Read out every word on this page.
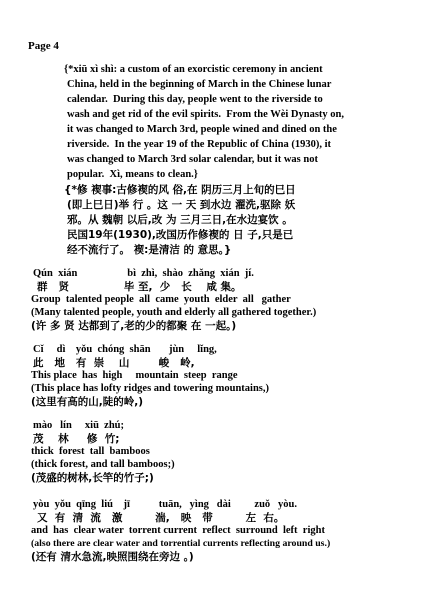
Page 4
{*xiū xì shì: a custom of an exorcistic ceremony in ancient
China, held in the beginning of March in the Chinese lunar
calendar.  During this day, people went to the riverside to
wash and get rid of the evil spirits.  From the Wèi Dynasty on,
it was changed to March 3rd, people wined and dined on the
riverside.  In the year 19 of the Republic of China (1930), it
was changed to March 3rd solar calendar, but it was not
popular.  Xì, means to clean.}
{*修 褉事:古修褉的风 俗,在 阴历三月上旬的巳日
(即上巳日)举 行 。这 一 天 到水边 濯洗,驱除 妖
邪。从 魏朝 以后,改 为 三月三日,在水边宴饮 。
民国19年(1930),改国历作修褉的 日 子,只是已
经不流行了。 褉:是清洁 的 意思。}
Qún  xián                   bì  zhì,  shào  zhǎng  xián  jí.
群   贤               毕 至,  少   长    咸 集。
Group  talented people  all  came  youth  elder  all   gather
(Many talented people, youth and elderly all gathered together.)
(许 多 贤 达都到了,老的少的都聚 在 一起。)
Cǐ     dì    yǒu  chóng  shān       jùn     lǐng,
此   地   有  崇    山        峻   岭,
This place  has  high     mountain  steep  range
(This place has lofty ridges and towering mountains,)
(这里有高的山,陡的岭,)
mào   lín     xiū  zhú;
茂    林     修  竹;
thick  forest  tall  bamboos
(thick forest, and tall bamboos;)
(茂盛的树林,长竿的竹子;)
yòu  yǒu  qīng  liú    jī           tuān,   yìng   dài         zuǒ   yòu.
又  有  清  流   激         湍,   映   带         左  右。
and  has  clear water  torrent current  reflect  surround  left  right
(also there are clear water and torrential currents reflecting around us.)
(还有 清水急流,映照围绕在旁边 。)
